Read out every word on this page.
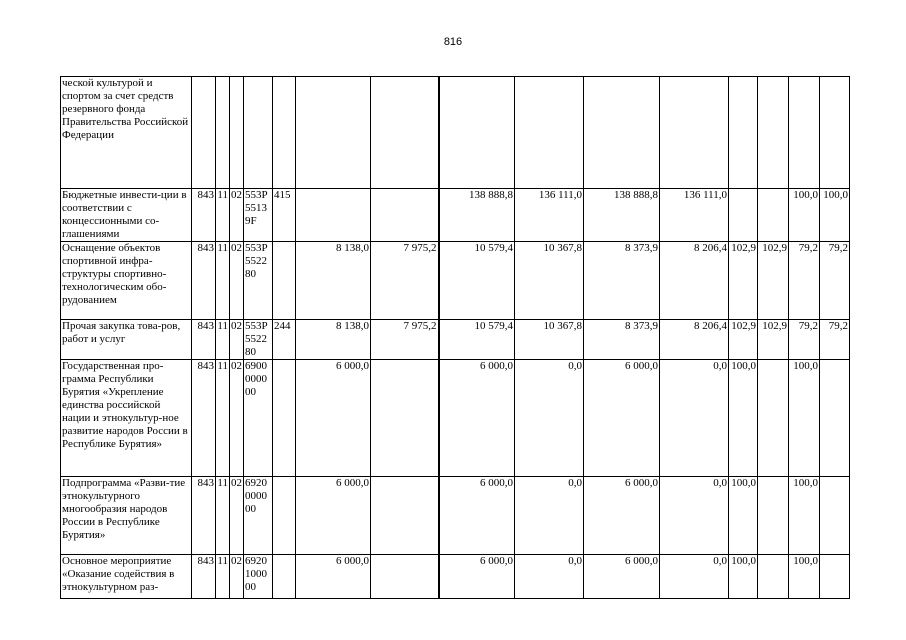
816
ческой культурой и спортом за счет средств резервного фонда Правительства Российской Федерации															
Бюджетные инвести-ции в соответствии с концессионными со-глашениями	843	11	02	553P55139F	415			138 888,8	136 111,0	138 888,8	136 111,0			100,0	100,0
Оснащение объектов спортивной инфра-структуры спортивно-технологическим обо-рудованием	843	11	02	553P552280		8 138,0	7 975,2	10 579,4	10 367,8	8 373,9	8 206,4	102,9	102,9	79,2	79,2
Прочая закупка това-ров, работ и услуг	843	11	02	553P552280	244	8 138,0	7 975,2	10 579,4	10 367,8	8 373,9	8 206,4	102,9	102,9	79,2	79,2
Государственная про-грамма Республики Бурятия «Укрепление единства российской нации и этнокультур-ное развитие народов России в Республике Бурятия»	843	11	02	6900000000		6 000,0		6 000,0	0,0	6 000,0	0,0	100,0		100,0	
Подпрограмма «Разви-тие этнокультурного многообразия народов России в Республике Бурятия»	843	11	02	6920000000		6 000,0		6 000,0	0,0	6 000,0	0,0	100,0		100,0	
Основное мероприятие «Оказание содействия в этнокультурном раз-	843	11	02	6920100000		6 000,0		6 000,0	0,0	6 000,0	0,0	100,0		100,0	
